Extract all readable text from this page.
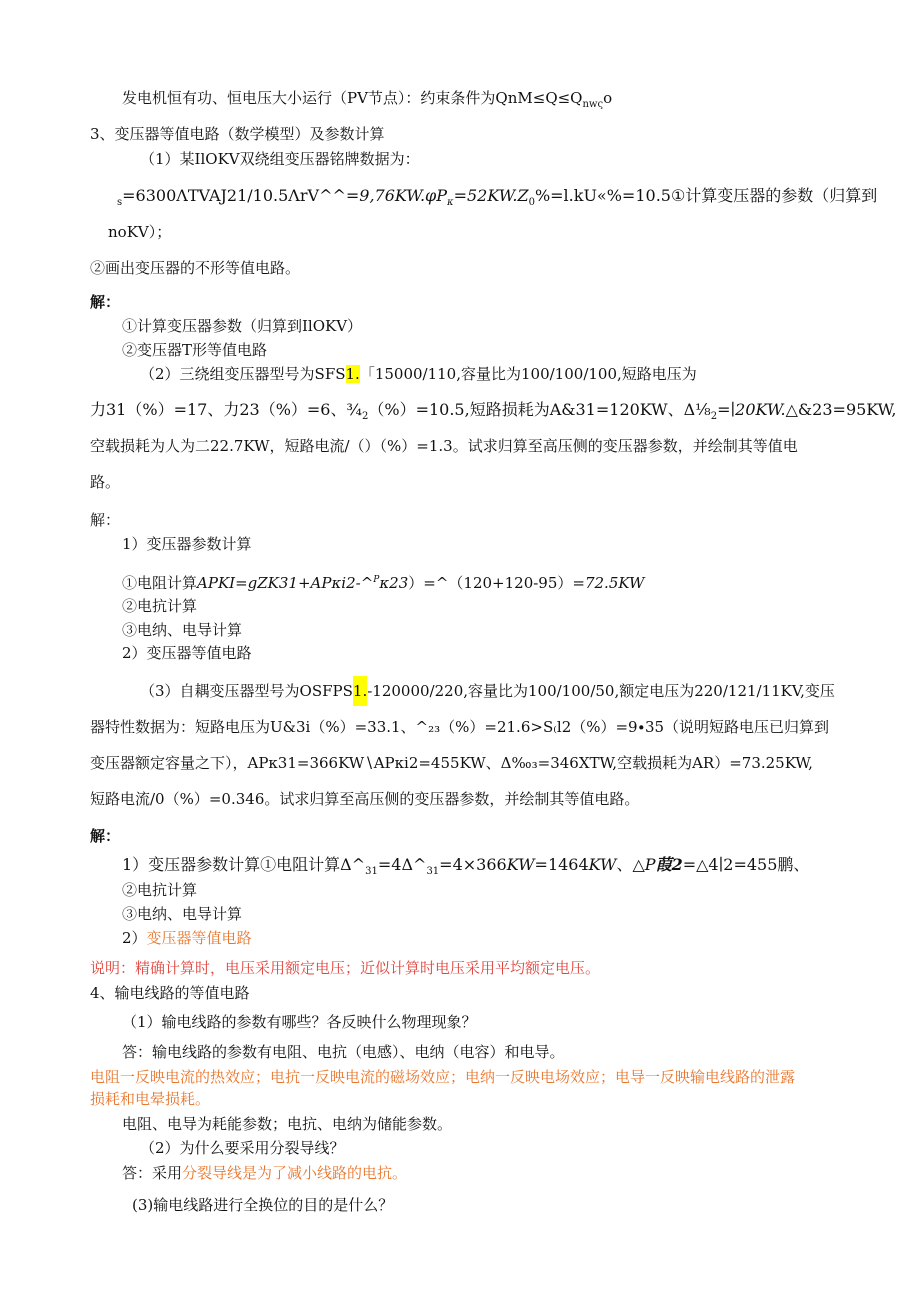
发电机恒有功、恒电压大小运行（PV节点）：约束条件为$QnM\le Q\le Q_{nw\varsigma}o$
3、变压器等值电路（数学模型）及参数计算
（1）某IlOKV双绕组变压器铭牌数据为：
$_s=6300\Lambda TVAJ21/10.5\Lambda rV\^{}\^{}=9,76KW.\varphi P_\kappa=52KW.Z_0\%=l.kU«\%=10.5①$计算变压器的参数（归算到
noKV）；
②画出变压器的不形等值电路。
解：
①计算变压器参数（归算到IlOKV）
②变压器T形等值电路
（2）三绕组变压器型号为SFS1.「15000/110,容量比为100/100/100,短路电压为
力31（%）=17、力23（%）=6、$\frac{3}{4}_2(\%)=10.5$,短路损耗为A&31=120KW、$\Delta\frac{1}{8}_2=∣20KW.\triangle\&23=95KW$,
空载损耗为人为二22.7KW，短路电流/（）（%）=1.3。试求归算至高压侧的变压器参数，并绘制其等值电
路。
解：
1）变压器参数计算
①电阻计算APKI=gZK31+APκi2-^$^P$κ23）=^（120+120-95）=72.5KW
②电抗计算
③电纳、电导计算
2）变压器等值电路
（3）自耦变压器型号为OSFPS1.-120000/220,容量比为100/100/50,额定电压为220/121/11KV,变压
器特性数据为：短路电压为U&3i（%）=33.1、^₂₃（%）=21.6>S₍l2（%）=9∙35（说明短路电压已归算到
变压器额定容量之下），APκ31=366KW∖APκi2=455KW、Δ‰₃=346XTW,空载损耗为AR）=73.25KW,
短路电流/0（%）=0.346。试求归算至高压侧的变压器参数，并绘制其等值电路。
解：
1）变压器参数计算①电阻计算$\Delta\^{}_{31}=4\Delta\^{}_{31}=4\times 366KW=1464KW$、△P葭2=△4∣2=455鹏、
②电抗计算
③电纳、电导计算
2）变压器等值电路
说明：精确计算时，电压采用额定电压；近似计算时电压采用平均额定电压。
4、输电线路的等值电路
（1）输电线路的参数有哪些？各反映什么物理现象？
答：输电线路的参数有电阻、电抗（电感）、电纳（电容）和电导。
电阻一反映电流的热效应；电抗一反映电流的磁场效应；电纳一反映电场效应；电导一反映输电线路的泄露
损耗和电晕损耗。
电阻、电导为耗能参数；电抗、电纳为储能参数。
（2）为什么要采用分裂导线？
答：采用分裂导线是为了减小线路的电抗。
(3)输电线路进行全换位的目的是什么？
